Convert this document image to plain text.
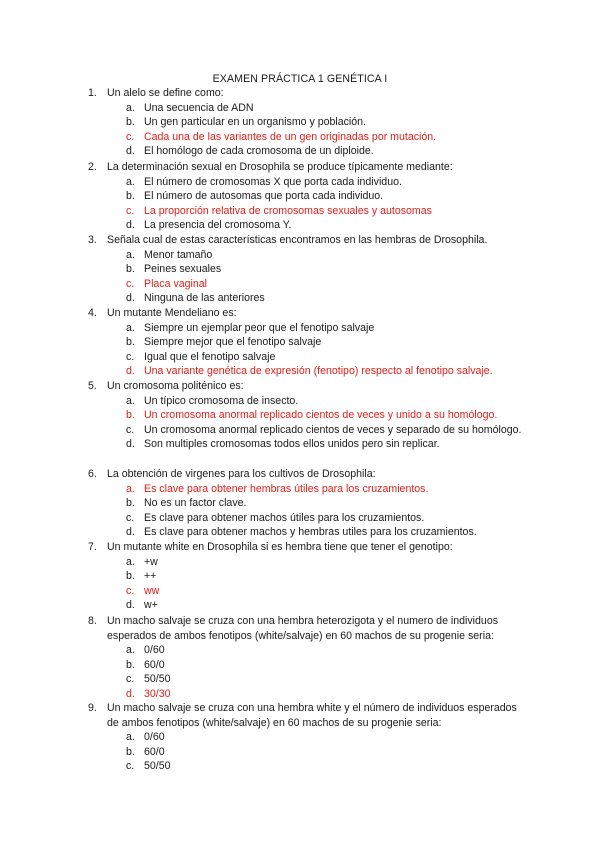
EXAMEN PRÁCTICA 1 GENÉTICA I
1. Un alelo se define como:
a. Una secuencia de ADN
b. Un gen particular en un organismo y población.
c. Cada una de las variantes de un gen originadas por mutación.
d. El homólogo de cada cromosoma de un diploide.
2. La determinación sexual en Drosophila se produce típicamente mediante:
a. El número de cromosomas X que porta cada individuo.
b. El número de autosomas que porta cada individuo.
c. La proporción relativa de cromosomas sexuales y autosomas
d. La presencia del cromosoma Y.
3. Señala cual de estas características encontramos en las hembras de Drosophila.
a. Menor tamaño
b. Peines sexuales
c. Placa vaginal
d. Ninguna de las anteriores
4. Un mutante Mendeliano es:
a. Siempre un ejemplar peor que el fenotipo salvaje
b. Siempre mejor que el fenotipo salvaje
c. Igual que el fenotipo salvaje
d. Una variante genética de expresión (fenotipo) respecto al fenotipo salvaje.
5. Un cromosoma politénico es:
a. Un típico cromosoma de insecto.
b. Un cromosoma anormal replicado cientos de veces y unido a su homólogo.
c. Un cromosoma anormal replicado cientos de veces y separado de su homólogo.
d. Son multiples cromosomas todos ellos unidos pero sin replicar.
6. La obtención de virgenes para los cultivos de Drosophila:
a. Es clave para obtener hembras útiles para los cruzamientos.
b. No es un factor clave.
c. Es clave para obtener machos útiles para los cruzamientos.
d. Es clave para obtener machos y hembras utiles para los cruzamientos.
7. Un mutante white en Drosophila si es hembra tiene que tener el genotipo:
a. +w
b. ++
c. ww
d. w+
8. Un macho salvaje se cruza con una hembra heterozigota y el numero de individuos esperados de ambos fenotipos (white/salvaje) en 60 machos de su progenie seria:
a. 0/60
b. 60/0
c. 50/50
d. 30/30
9. Un macho salvaje se cruza con una hembra white y el número de individuos esperados de ambos fenotipos (white/salvaje) en 60 machos de su progenie seria:
a. 0/60
b. 60/0
c. 50/50
